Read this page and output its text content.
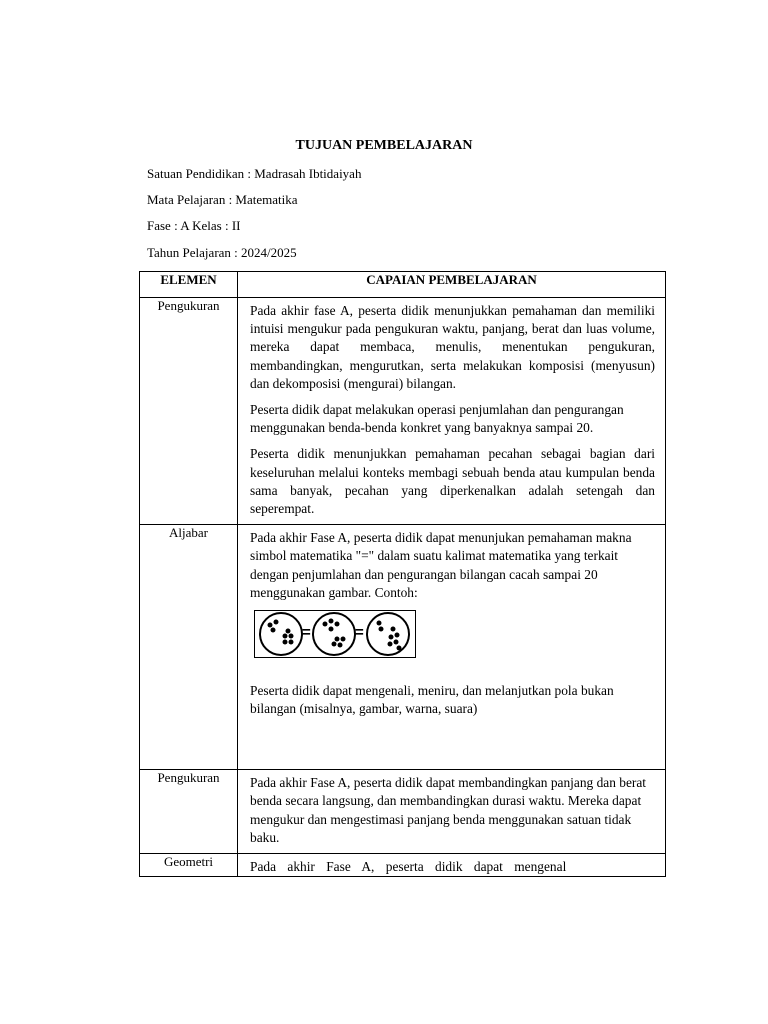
TUJUAN PEMBELAJARAN
Satuan Pendidikan : Madrasah Ibtidaiyah
Mata Pelajaran : Matematika
Fase : A Kelas : II
Tahun Pelajaran : 2024/2025
ELEMEN	CAPAIAN PEMBELAJARAN
Pengukuran	Pada akhir fase A, peserta didik menunjukkan pemahaman dan memiliki intuisi mengukur pada pengukuran waktu, panjang, berat dan luas volume, mereka dapat membaca, menulis, menentukan pengukuran, membandingkan, mengurutkan, serta melakukan komposisi (menyusun) dan dekomposisi (mengurai) bilangan.

Peserta didik dapat melakukan operasi penjumlahan dan pengurangan menggunakan benda-benda konkret yang banyaknya sampai 20.

Peserta didik menunjukkan pemahaman pecahan sebagai bagian dari keseluruhan melalui konteks membagi sebuah benda atau kumpulan benda sama banyak, pecahan yang diperkenalkan adalah setengah dan seperempat.

Aljabar	Pada akhir Fase A, peserta didik dapat menunjukan pemahaman makna simbol matematika "=" dalam suatu kalimat matematika yang terkait dengan penjumlahan dan pengurangan bilangan cacah sampai 20 menggunakan gambar. Contoh:

= =

Peserta didik dapat mengenali, meniru, dan melanjutkan pola bukan bilangan (misalnya, gambar, warna, suara)

Pengukuran	Pada akhir Fase A, peserta didik dapat membandingkan panjang dan berat benda secara langsung, dan membandingkan durasi waktu. Mereka dapat mengukur dan mengestimasi panjang benda menggunakan satuan tidak baku.

Geometri	Pada akhir Fase A, peserta didik dapat mengenal
